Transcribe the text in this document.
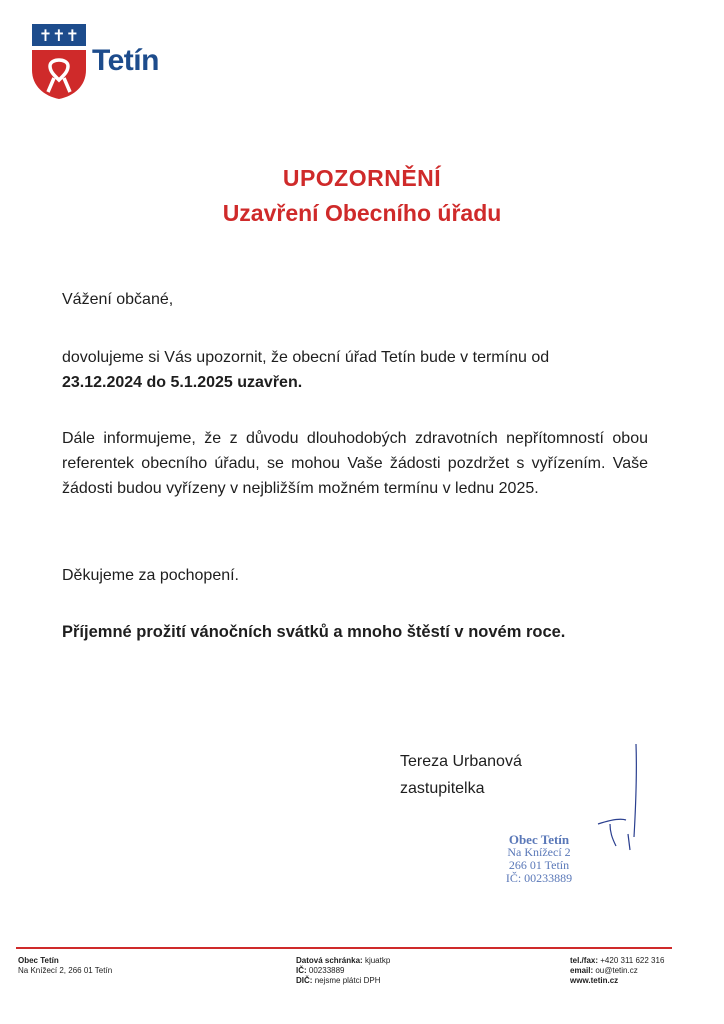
✝✝✝
Tetín
UPOZORNĚNÍ
Uzavření Obecního úřadu
Vážení občané,
dovolujeme si Vás upozornit, že obecní úřad Tetín bude v termínu od
23.12.2024 do 5.1.2025 uzavřen.
Dále informujeme, že z důvodu dlouhodobých zdravotních nepřítomností obou referentek obecního úřadu, se mohou Vaše žádosti pozdržet s vyřízením. Vaše žádosti budou vyřízeny v nejbližším možném termínu v lednu 2025.
Děkujeme za pochopení.
Příjemné prožití vánočních svátků a mnoho štěstí v novém roce.
Tereza Urbanová
zastupitelka
Obec Tetín
Na Knížecí 2
266 01 Tetín
IČ: 00233889
Obec Tetín
Na Knížecí 2, 266 01 Tetín
Datová schránka: kjuatkp
IČ: 00233889
DIČ: nejsme plátci DPH
tel./fax: +420 311 622 316
email: ou@tetin.cz
www.tetin.cz
